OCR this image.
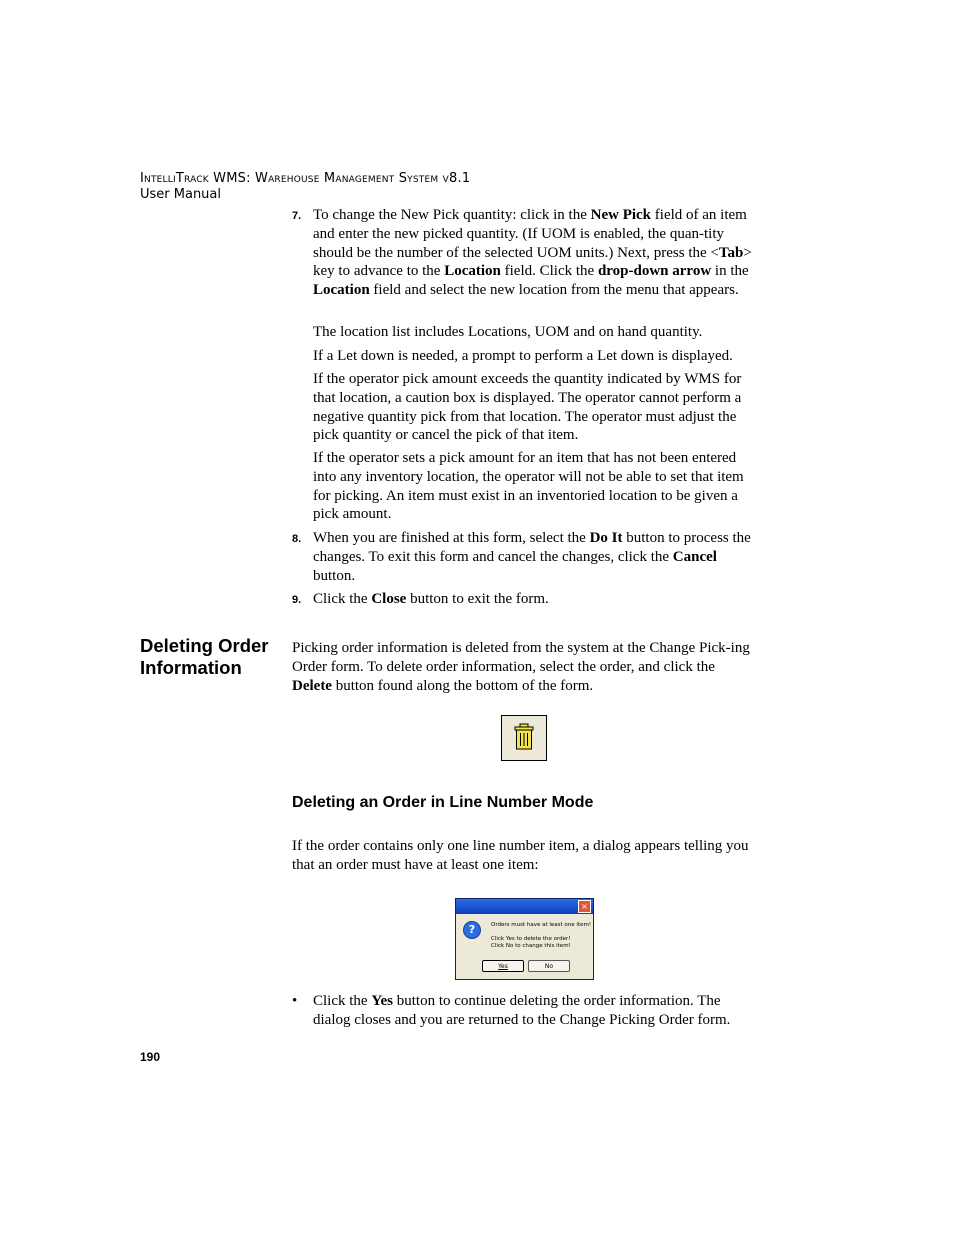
IntelliTrack WMS: Warehouse Management System v8.1
User Manual
7. To change the New Pick quantity: click in the New Pick field of an item and enter the new picked quantity. (If UOM is enabled, the quan-tity should be the number of the selected UOM units.) Next, press the <Tab> key to advance to the Location field. Click the drop-down arrow in the Location field and select the new location from the menu that appears.
The location list includes Locations, UOM and on hand quantity.
If a Let down is needed, a prompt to perform a Let down is displayed.
If the operator pick amount exceeds the quantity indicated by WMS for that location, a caution box is displayed. The operator cannot perform a negative quantity pick from that location. The operator must adjust the pick quantity or cancel the pick of that item.
If the operator sets a pick amount for an item that has not been entered into any inventory location, the operator will not be able to set that item for picking. An item must exist in an inventoried location to be given a pick amount.
8. When you are finished at this form, select the Do It button to process the changes. To exit this form and cancel the changes, click the Cancel button.
9. Click the Close button to exit the form.
Deleting Order Information
Picking order information is deleted from the system at the Change Pick-ing Order form. To delete order information, select the order, and click the Delete button found along the bottom of the form.
Deleting an Order in Line Number Mode
If the order contains only one line number item, a dialog appears telling you that an order must have at least one item:
×
?	Orders must have at least one item!
Click Yes to delete the order!
Click No to change this item!
Yes	No
• Click the Yes button to continue deleting the order information. The dialog closes and you are returned to the Change Picking Order form.
190
